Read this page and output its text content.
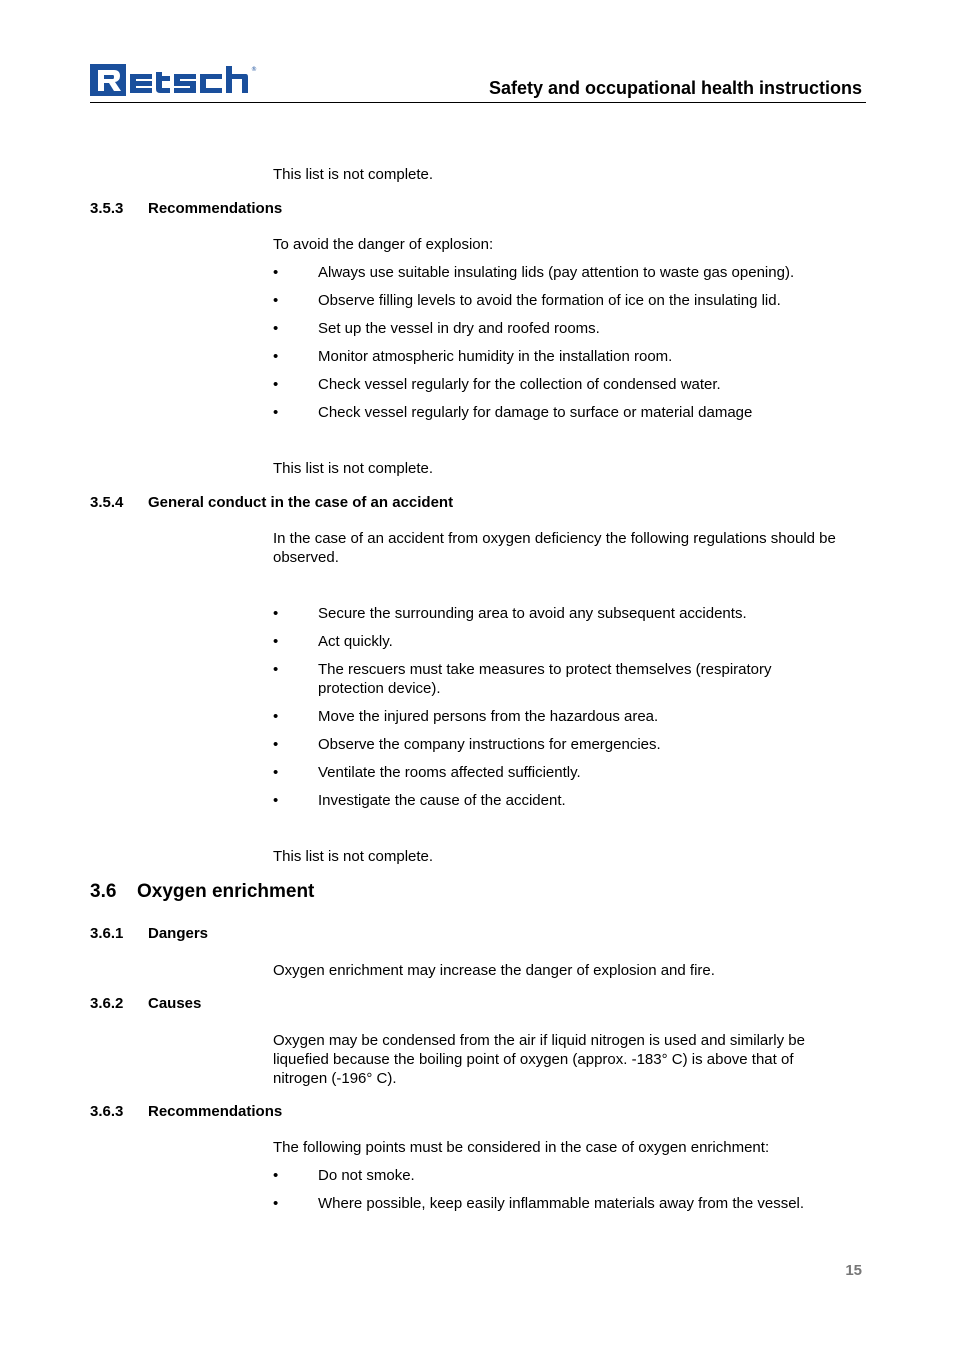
®
Safety and occupational health instructions
This list is not complete.
3.5.3 Recommendations
To avoid the danger of explosion:
•	Always use suitable insulating lids (pay attention to waste gas opening).
•	Observe filling levels to avoid the formation of ice on the insulating lid.
•	Set up the vessel in dry and roofed rooms.
•	Monitor atmospheric humidity in the installation room.
•	Check vessel regularly for the collection of condensed water.
•	Check vessel regularly for damage to surface or material damage
This list is not complete.
3.5.4 General conduct in the case of an accident
In the case of an accident from oxygen deficiency the following regulations should be observed.
•	Secure the surrounding area to avoid any subsequent accidents.
•	Act quickly.
•	The rescuers must take measures to protect themselves (respiratory protection device).
•	Move the injured persons from the hazardous area.
•	Observe the company instructions for emergencies.
•	Ventilate the rooms affected sufficiently.
•	Investigate the cause of the accident.
This list is not complete.
3.6 Oxygen enrichment
3.6.1 Dangers
Oxygen enrichment may increase the danger of explosion and fire.
3.6.2 Causes
Oxygen may be condensed from the air if liquid nitrogen is used and similarly be liquefied because the boiling point of oxygen (approx. -183° C) is above that of nitrogen (-196° C).
3.6.3 Recommendations
The following points must be considered in the case of oxygen enrichment:
•	Do not smoke.
•	Where possible, keep easily inflammable materials away from the vessel.
15
